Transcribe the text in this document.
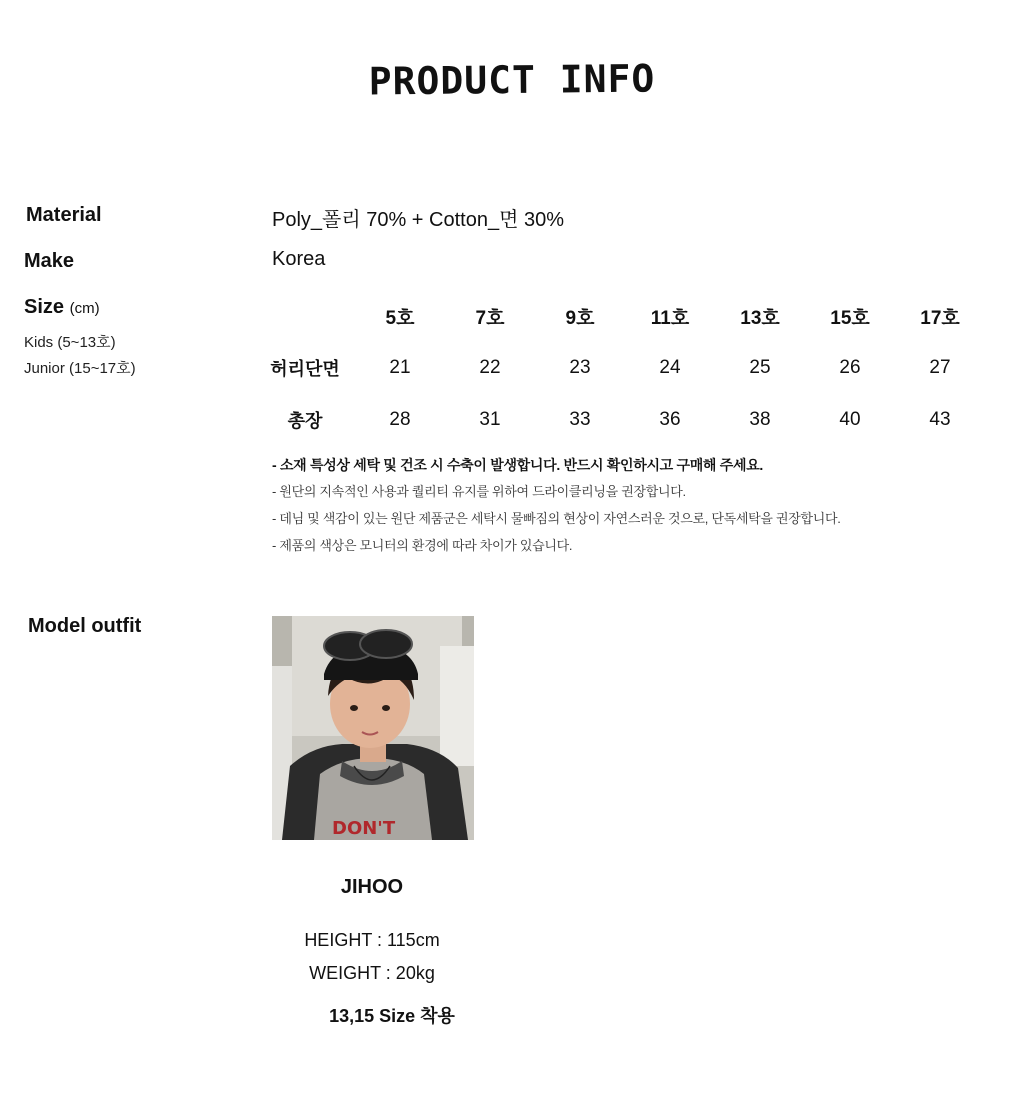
PRODUCT INFO
Material	Poly_폴리 70% + Cotton_면 30%
Make	Korea
Size (cm)
Kids (5~13호)
Junior (15~17호)
	5호	7호	9호	11호	13호	15호	17호
허리단면	21	22	23	24	25	26	27
총장	28	31	33	36	38	40	43
- 소재 특성상 세탁 및 건조 시 수축이 발생합니다. 반드시 확인하시고 구매해 주세요.
- 원단의 지속적인 사용과 퀄리티 유지를 위하여 드라이클리닝을 권장합니다.
- 데님 및 색감이 있는 원단 제품군은 세탁시 물빠짐의 현상이 자연스러운 것으로, 단독세탁을 권장합니다.
- 제품의 색상은 모니터의 환경에 따라 차이가 있습니다.
Model outfit
DON'T
JIHOO
HEIGHT : 115cm
WEIGHT : 20kg
13,15 Size 착용
